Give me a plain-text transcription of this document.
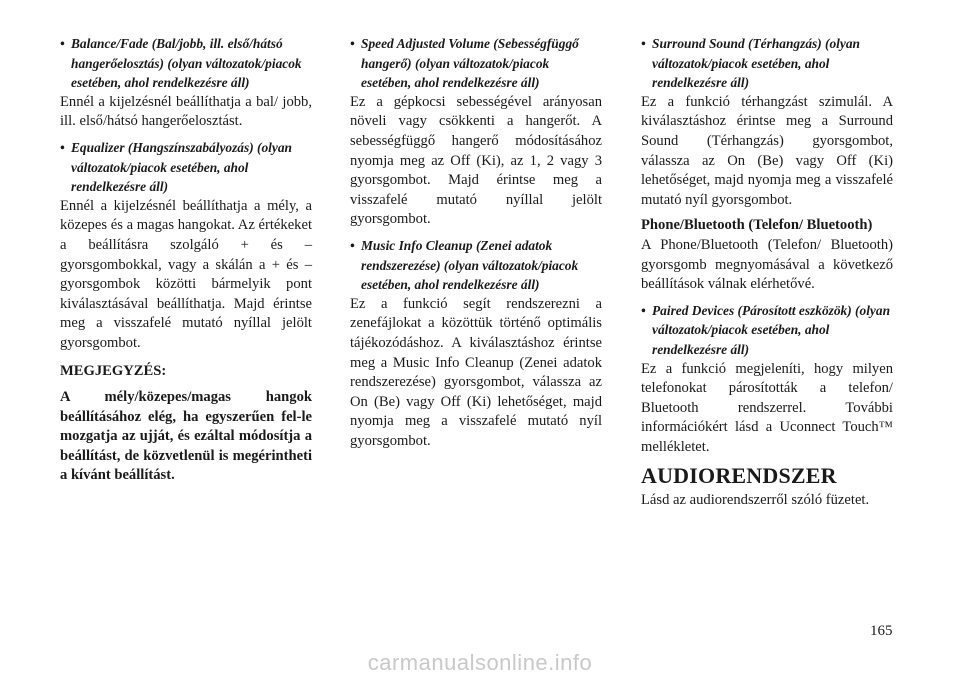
• Balance/Fade (Bal/jobb, ill. első/hátsó hangerőelosztás) (olyan változatok/piacok esetében, ahol rendelkezésre áll)

Ennél a kijelzésnél beállíthatja a bal/ jobb, ill. első/hátsó hangerőelosztást.

• Equalizer (Hangszínszabályozás) (olyan változatok/piacok esetében, ahol rendelkezésre áll)

Ennél a kijelzésnél beállíthatja a mély, a közepes és a magas hangokat. Az értékeket a beállításra szolgáló + és – gyorsgombokkal, vagy a skálán a + és – gyorsgombok közötti bármelyik pont kiválasztásával beállíthatja. Majd érintse meg a visszafelé mutató nyíllal jelölt gyorsgombot.

MEGJEGYZÉS:

A mély/közepes/magas hangok beállításához elég, ha egyszerűen fel-le mozgatja az ujját, és ezáltal módosítja a beállítást, de közvetlenül is megérintheti a kívánt beállítást.

• Speed Adjusted Volume (Sebességfüggő hangerő) (olyan változatok/piacok esetében, ahol rendelkezésre áll)

Ez a gépkocsi sebességével arányosan növeli vagy csökkenti a hangerőt. A sebességfüggő hangerő módosításához nyomja meg az Off (Ki), az 1, 2 vagy 3 gyorsgombot. Majd érintse meg a visszafelé mutató nyíllal jelölt gyorsgombot.

• Music Info Cleanup (Zenei adatok rendszerezése) (olyan változatok/piacok esetében, ahol rendelkezésre áll)

Ez a funkció segít rendszerezni a zenefájlokat a közöttük történő optimális tájékozódáshoz. A kiválasztáshoz érintse meg a Music Info Cleanup (Zenei adatok rendszerezése) gyorsgombot, válassza az On (Be) vagy Off (Ki) lehetőséget, majd nyomja meg a visszafelé mutató nyíl gyorsgombot.

• Surround Sound (Térhangzás) (olyan változatok/piacok esetében, ahol rendelkezésre áll)

Ez a funkció térhangzást szimulál. A kiválasztáshoz érintse meg a Surround Sound (Térhangzás) gyorsgombot, válassza az On (Be) vagy Off (Ki) lehetőséget, majd nyomja meg a visszafelé mutató nyíl gyorsgombot.

Phone/Bluetooth (Telefon/ Bluetooth)

A Phone/Bluetooth (Telefon/ Bluetooth) gyorsgomb megnyomásával a következő beállítások válnak elérhetővé.

• Paired Devices (Párosított eszközök) (olyan változatok/piacok esetében, ahol rendelkezésre áll)

Ez a funkció megjeleníti, hogy milyen telefonokat párosították a telefon/ Bluetooth rendszerrel. További információkért lásd a Uconnect Touch™ mellékletet.

AUDIORENDSZER

Lásd az audiorendszerről szóló füzetet.

165
carmanualsonline.info
